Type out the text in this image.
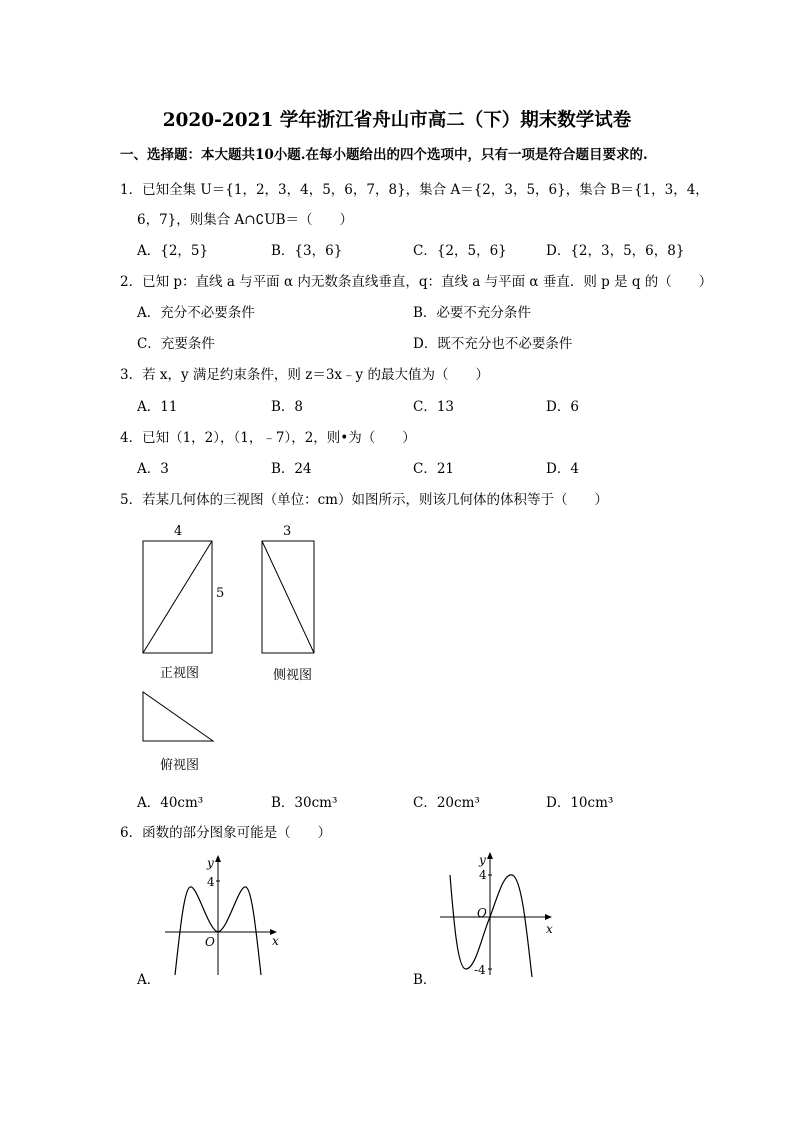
2020-2021 学年浙江省舟山市高二（下）期末数学试卷
一、选择题：本大题共10小题.在每小题给出的四个选项中，只有一项是符合题目要求的.
1．已知全集 U＝{1，2，3，4，5，6，7，8}，集合 A＝{2，3，5，6}，集合 B＝{1，3，4，
6，7}，则集合 A∩∁UB＝（　　）
A．{2，5}	B．{3，6}	C．{2，5，6}	D．{2，3，5，6，8}
2．已知 p：直线 a 与平面 α 内无数条直线垂直，q：直线 a 与平面 α 垂直．则 p 是 q 的（　　）
A．充分不必要条件	B．必要不充分条件
C．充要条件	D．既不充分也不必要条件
3．若 x，y 满足约束条件，则 z＝3x﹣y 的最大值为（　　）
A．11	B．8	C．13	D．6
4．已知（1，2），（1，﹣7），2，则•为（　　）
A．3	B．24	C．21	D．4
5．若某几何体的三视图（单位：cm）如图所示，则该几何体的体积等于（　　）
4
5
正视图
3
侧视图
俯视图
A．40cm³	B．30cm³	C．20cm³	D．10cm³
6．函数的部分图象可能是（　　）
y
x
O
4
A．
y
x
O
4
-4
B．
